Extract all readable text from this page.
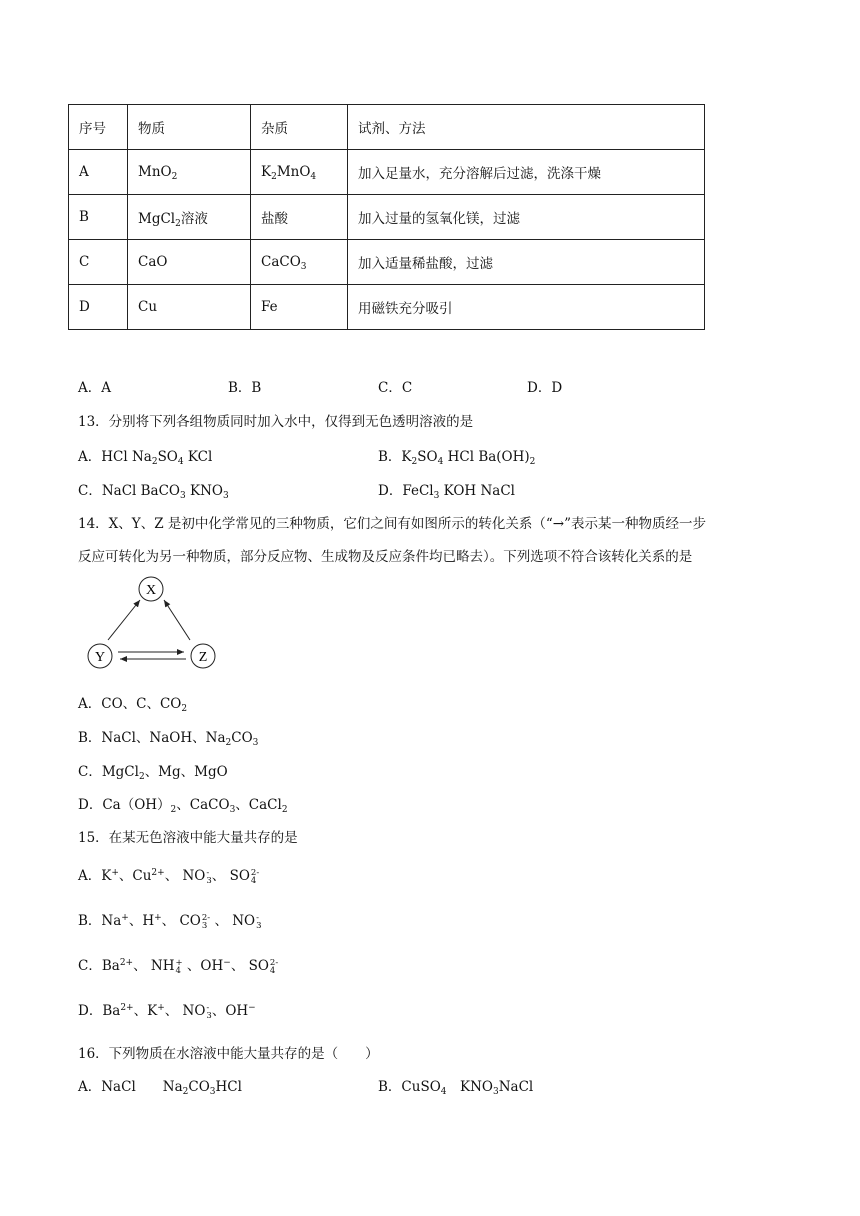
序号	物质	杂质	试剂、方法
A	MnO$_2$	$K_2MnO_4$	加入足量水，充分溶解后过滤，洗涤干燥
B	MgCl$_2$溶液	盐酸	加入过量的氢氧化镁，过滤
C	CaO	CaCO$_3$	加入适量稀盐酸，过滤
D	Cu	Fe	用磁铁充分吸引
A．A	B．B	C．C	D．D
13．分别将下列各组物质同时加入水中，仅得到无色透明溶液的是
A．HCl $Na_2SO_4$ KCl	B．$K_2SO_4$ HCl $Ba(OH)_2$
C．NaCl BaCO$_3$ $KNO_3$	D．FeCl$_3$ KOH NaCl
14．X、Y、Z 是初中化学常见的三种物质，它们之间有如图所示的转化关系（“→”表示某一种物质经一步
反应可转化为另一种物质，部分反应物、生成物及反应条件均已略去）。下列选项不符合该转化关系的是
X
Y	Z
A．CO、C、$CO_2$
B．NaCl、NaOH、$Na_2CO_3$
C．MgCl$_2$、Mg、MgO
D．$Ca(OH)_2$、CaCO$_3$、CaCl$_2$
15．在某无色溶液中能大量共存的是
A．K+、$Cu^{2+}$、 NO -
3 、 SO 2-
4
B．Na+、H+、 CO 2-
3 、 NO -
3
C．$Ba^{2+}$、 NH +
4 、OH−、 SO 2-
4
D．$Ba^{2+}$、K+、 NO -
3 、OH−
16．下列物质在水溶液中能大量共存的是（　　）
A．NaCl　　$Na_2CO_3HCl$	B．CuSO$_4$　$KNO_3NaCl$
